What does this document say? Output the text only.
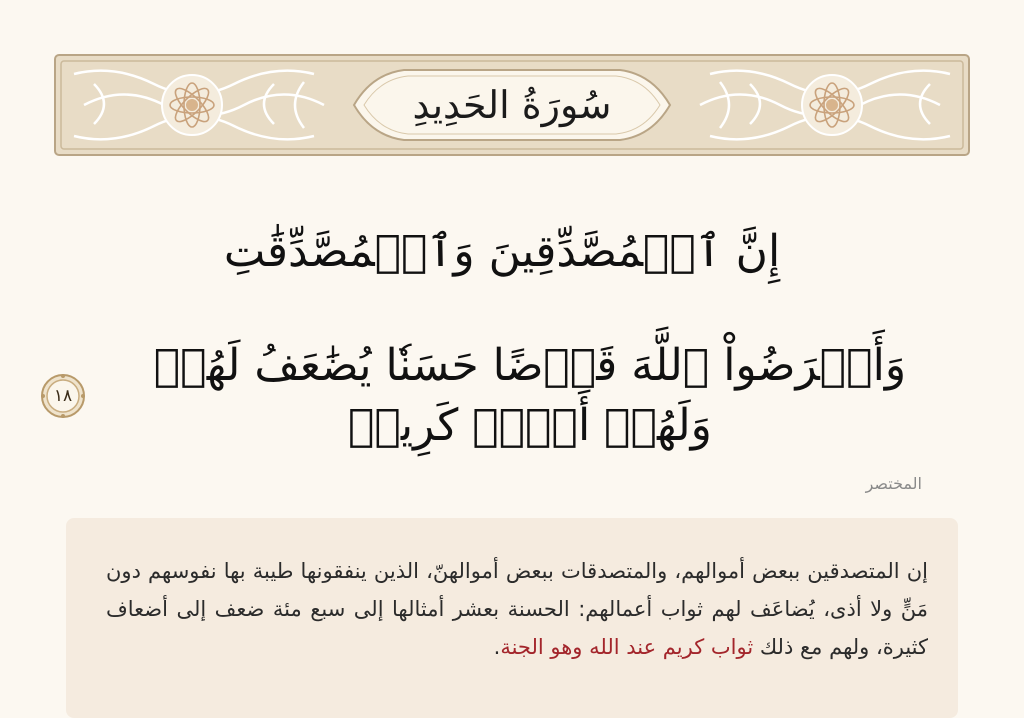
سُورَةُ الحَدِيدِ
إِنَّ ٱلۡمُصَّدِّقِينَ وَٱلۡمُصَّدِّقَٰتِ
وَأَقۡرَضُواْ ٱللَّهَ قَرۡضًا حَسَنٗا يُضَٰعَفُ لَهُمۡ وَلَهُمۡ أَجۡرٞ كَرِيمٞ
١٨
المختصر
إن المتصدقين ببعض أموالهم، والمتصدقات ببعض أموالهنّ، الذين ينفقونها طيبة بها نفوسهم دون مَنٍّ ولا أذى، يُضاعَف لهم ثواب أعمالهم: الحسنة بعشر أمثالها إلى سبع مئة ضعف إلى أضعاف كثيرة، ولهم مع ذلك ثواب كريم عند الله وهو الجنة.
